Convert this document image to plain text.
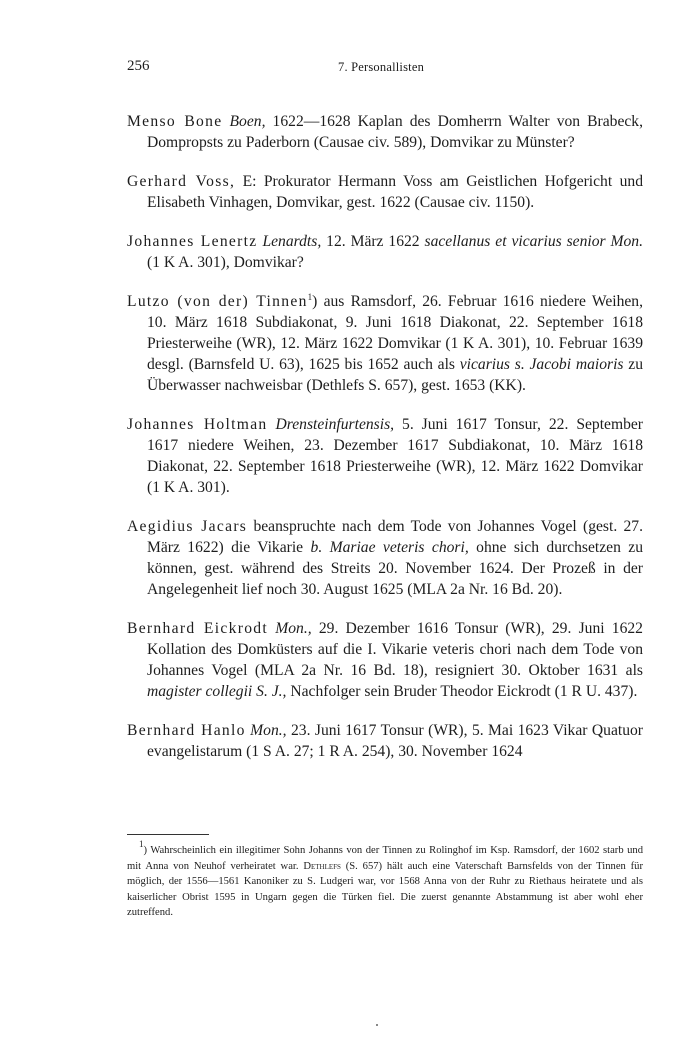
256	7. Personallisten

Menso Bone Boen, 1622—1628 Kaplan des Domherrn Walter von Brabeck, Dompropsts zu Paderborn (Causae civ. 589), Domvikar zu Münster?

Gerhard Voss, E: Prokurator Hermann Voss am Geistlichen Hofgericht und Elisabeth Vinhagen, Domvikar, gest. 1622 (Causae civ. 1150).

Johannes Lenertz Lenardts, 12. März 1622 sacellanus et vicarius senior Mon. (1 K A. 301), Domvikar?

Lutzo (von der) Tinnen$^1$) aus Ramsdorf, 26. Februar 1616 niedere Weihen, 10. März 1618 Subdiakonat, 9. Juni 1618 Diakonat, 22. September 1618 Priesterweihe (WR), 12. März 1622 Domvikar (1 K A. 301), 10. Februar 1639 desgl. (Barnsfeld U. 63), 1625 bis 1652 auch als vicarius s. Jacobi maioris zu Überwasser nachweisbar (Dethlefs S. 657), gest. 1653 (KK).

Johannes Holtman Drensteinfurtensis, 5. Juni 1617 Tonsur, 22. September 1617 niedere Weihen, 23. Dezember 1617 Subdiakonat, 10. März 1618 Diakonat, 22. September 1618 Priesterweihe (WR), 12. März 1622 Domvikar (1 K A. 301).

Aegidius Jacars beanspruchte nach dem Tode von Johannes Vogel (gest. 27. März 1622) die Vikarie b. Mariae veteris chori, ohne sich durchsetzen zu können, gest. während des Streits 20. November 1624. Der Prozeß in der Angelegenheit lief noch 30. August 1625 (MLA 2a Nr. 16 Bd. 20).

Bernhard Eickrodt Mon., 29. Dezember 1616 Tonsur (WR), 29. Juni 1622 Kollation des Domküsters auf die I. Vikarie veteris chori nach dem Tode von Johannes Vogel (MLA 2a Nr. 16 Bd. 18), resigniert 30. Oktober 1631 als magister collegii S. J., Nachfolger sein Bruder Theodor Eickrodt (1 R U. 437).

Bernhard Hanlo Mon., 23. Juni 1617 Tonsur (WR), 5. Mai 1623 Vikar Quatuor evangelistarum (1 S A. 27; 1 R A. 254), 30. November 1624

$^1$) Wahrscheinlich ein illegitimer Sohn Johanns von der Tinnen zu Rolinghof im Ksp. Ramsdorf, der 1602 starb und mit Anna von Neuhof verheiratet war. Dethlefs (S. 657) hält auch eine Vaterschaft Barnsfelds von der Tinnen für möglich, der 1556—1561 Kanoniker zu S. Ludgeri war, vor 1568 Anna von der Ruhr zu Riethaus heiratete und als kaiserlicher Obrist 1595 in Ungarn gegen die Türken fiel. Die zuerst genannte Abstammung ist aber wohl eher zutreffend.
